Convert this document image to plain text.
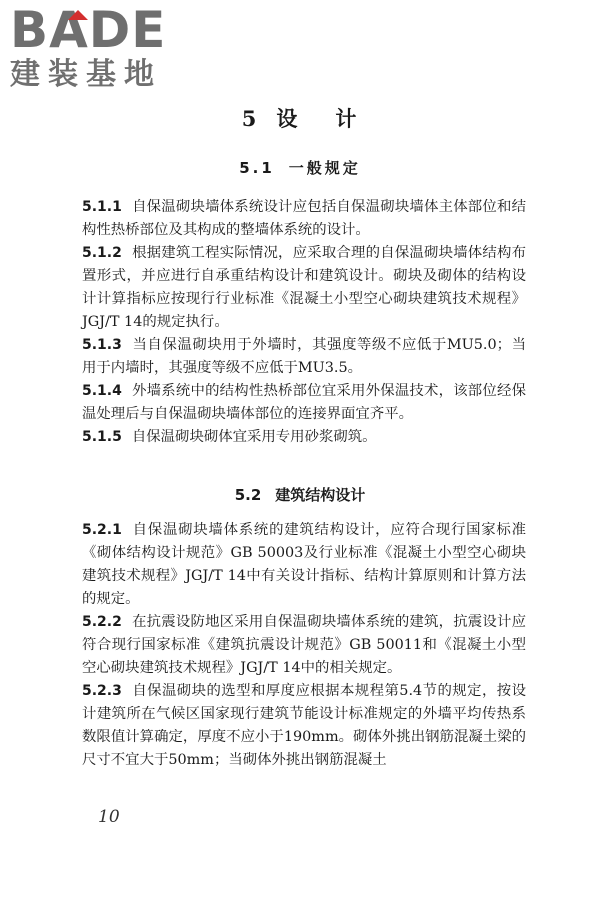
BADE
建装基地
5 设 计
5.1 一般规定

5.1.1 自保温砌块墙体系统设计应包括自保温砌块墙体主体部位和结构性热桥部位及其构成的整墙体系统的设计。

5.1.2 根据建筑工程实际情况，应采取合理的自保温砌块墙体结构布置形式，并应进行自承重结构设计和建筑设计。砌块及砌体的结构设计计算指标应按现行行业标准《混凝土小型空心砌块建筑技术规程》JGJ/T 14的规定执行。

5.1.3 当自保温砌块用于外墙时，其强度等级不应低于MU5.0；当用于内墙时，其强度等级不应低于MU3.5。

5.1.4 外墙系统中的结构性热桥部位宜采用外保温技术，该部位经保温处理后与自保温砌块墙体部位的连接界面宜齐平。

5.1.5 自保温砌块砌体宜采用专用砂浆砌筑。

5.2 建筑结构设计

5.2.1 自保温砌块墙体系统的建筑结构设计，应符合现行国家标准《砌体结构设计规范》GB 50003及行业标准《混凝土小型空心砌块建筑技术规程》JGJ/T 14中有关设计指标、结构计算原则和计算方法的规定。

5.2.2 在抗震设防地区采用自保温砌块墙体系统的建筑，抗震设计应符合现行国家标准《建筑抗震设计规范》GB 50011和《混凝土小型空心砌块建筑技术规程》JGJ/T 14中的相关规定。

5.2.3 自保温砌块的选型和厚度应根据本规程第5.4节的规定，按设计建筑所在气候区国家现行建筑节能设计标准规定的外墙平均传热系数限值计算确定，厚度不应小于190mm。砌体外挑出钢筋混凝土梁的尺寸不宜大于50mm；当砌体外挑出钢筋混凝土

10
